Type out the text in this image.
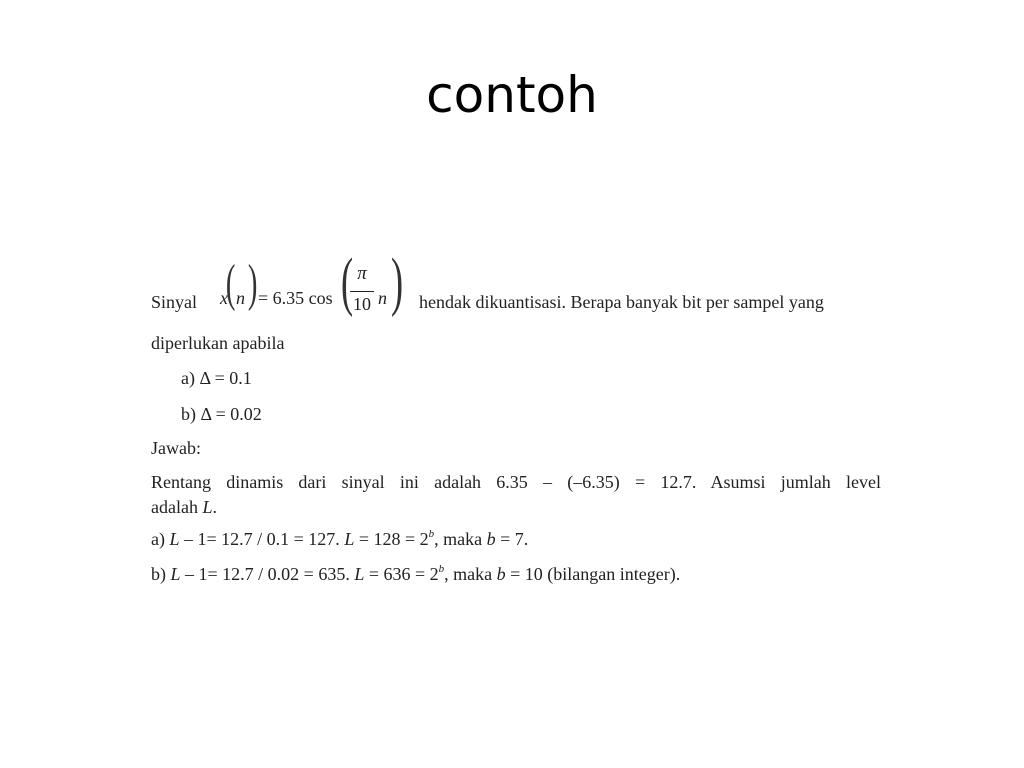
contoh
Sinyal x
( n ) = 6.35 cos ( π
10 n ) hendak dikuantisasi. Berapa banyak bit per sampel yang
diperlukan apabila
a) Δ = 0.1
b) Δ = 0.02
Jawab:
Rentang dinamis dari sinyal ini adalah 6.35 – (–6.35) = 12.7. Asumsi jumlah level
adalah L.
a) L – 1= 12.7 / 0.1 = 127. $L = 128 = 2^b$, maka b = 7.
b) L – 1= 12.7 / 0.02 = 635. $L = 636 = 2^b$, maka b = 10 (bilangan integer).
